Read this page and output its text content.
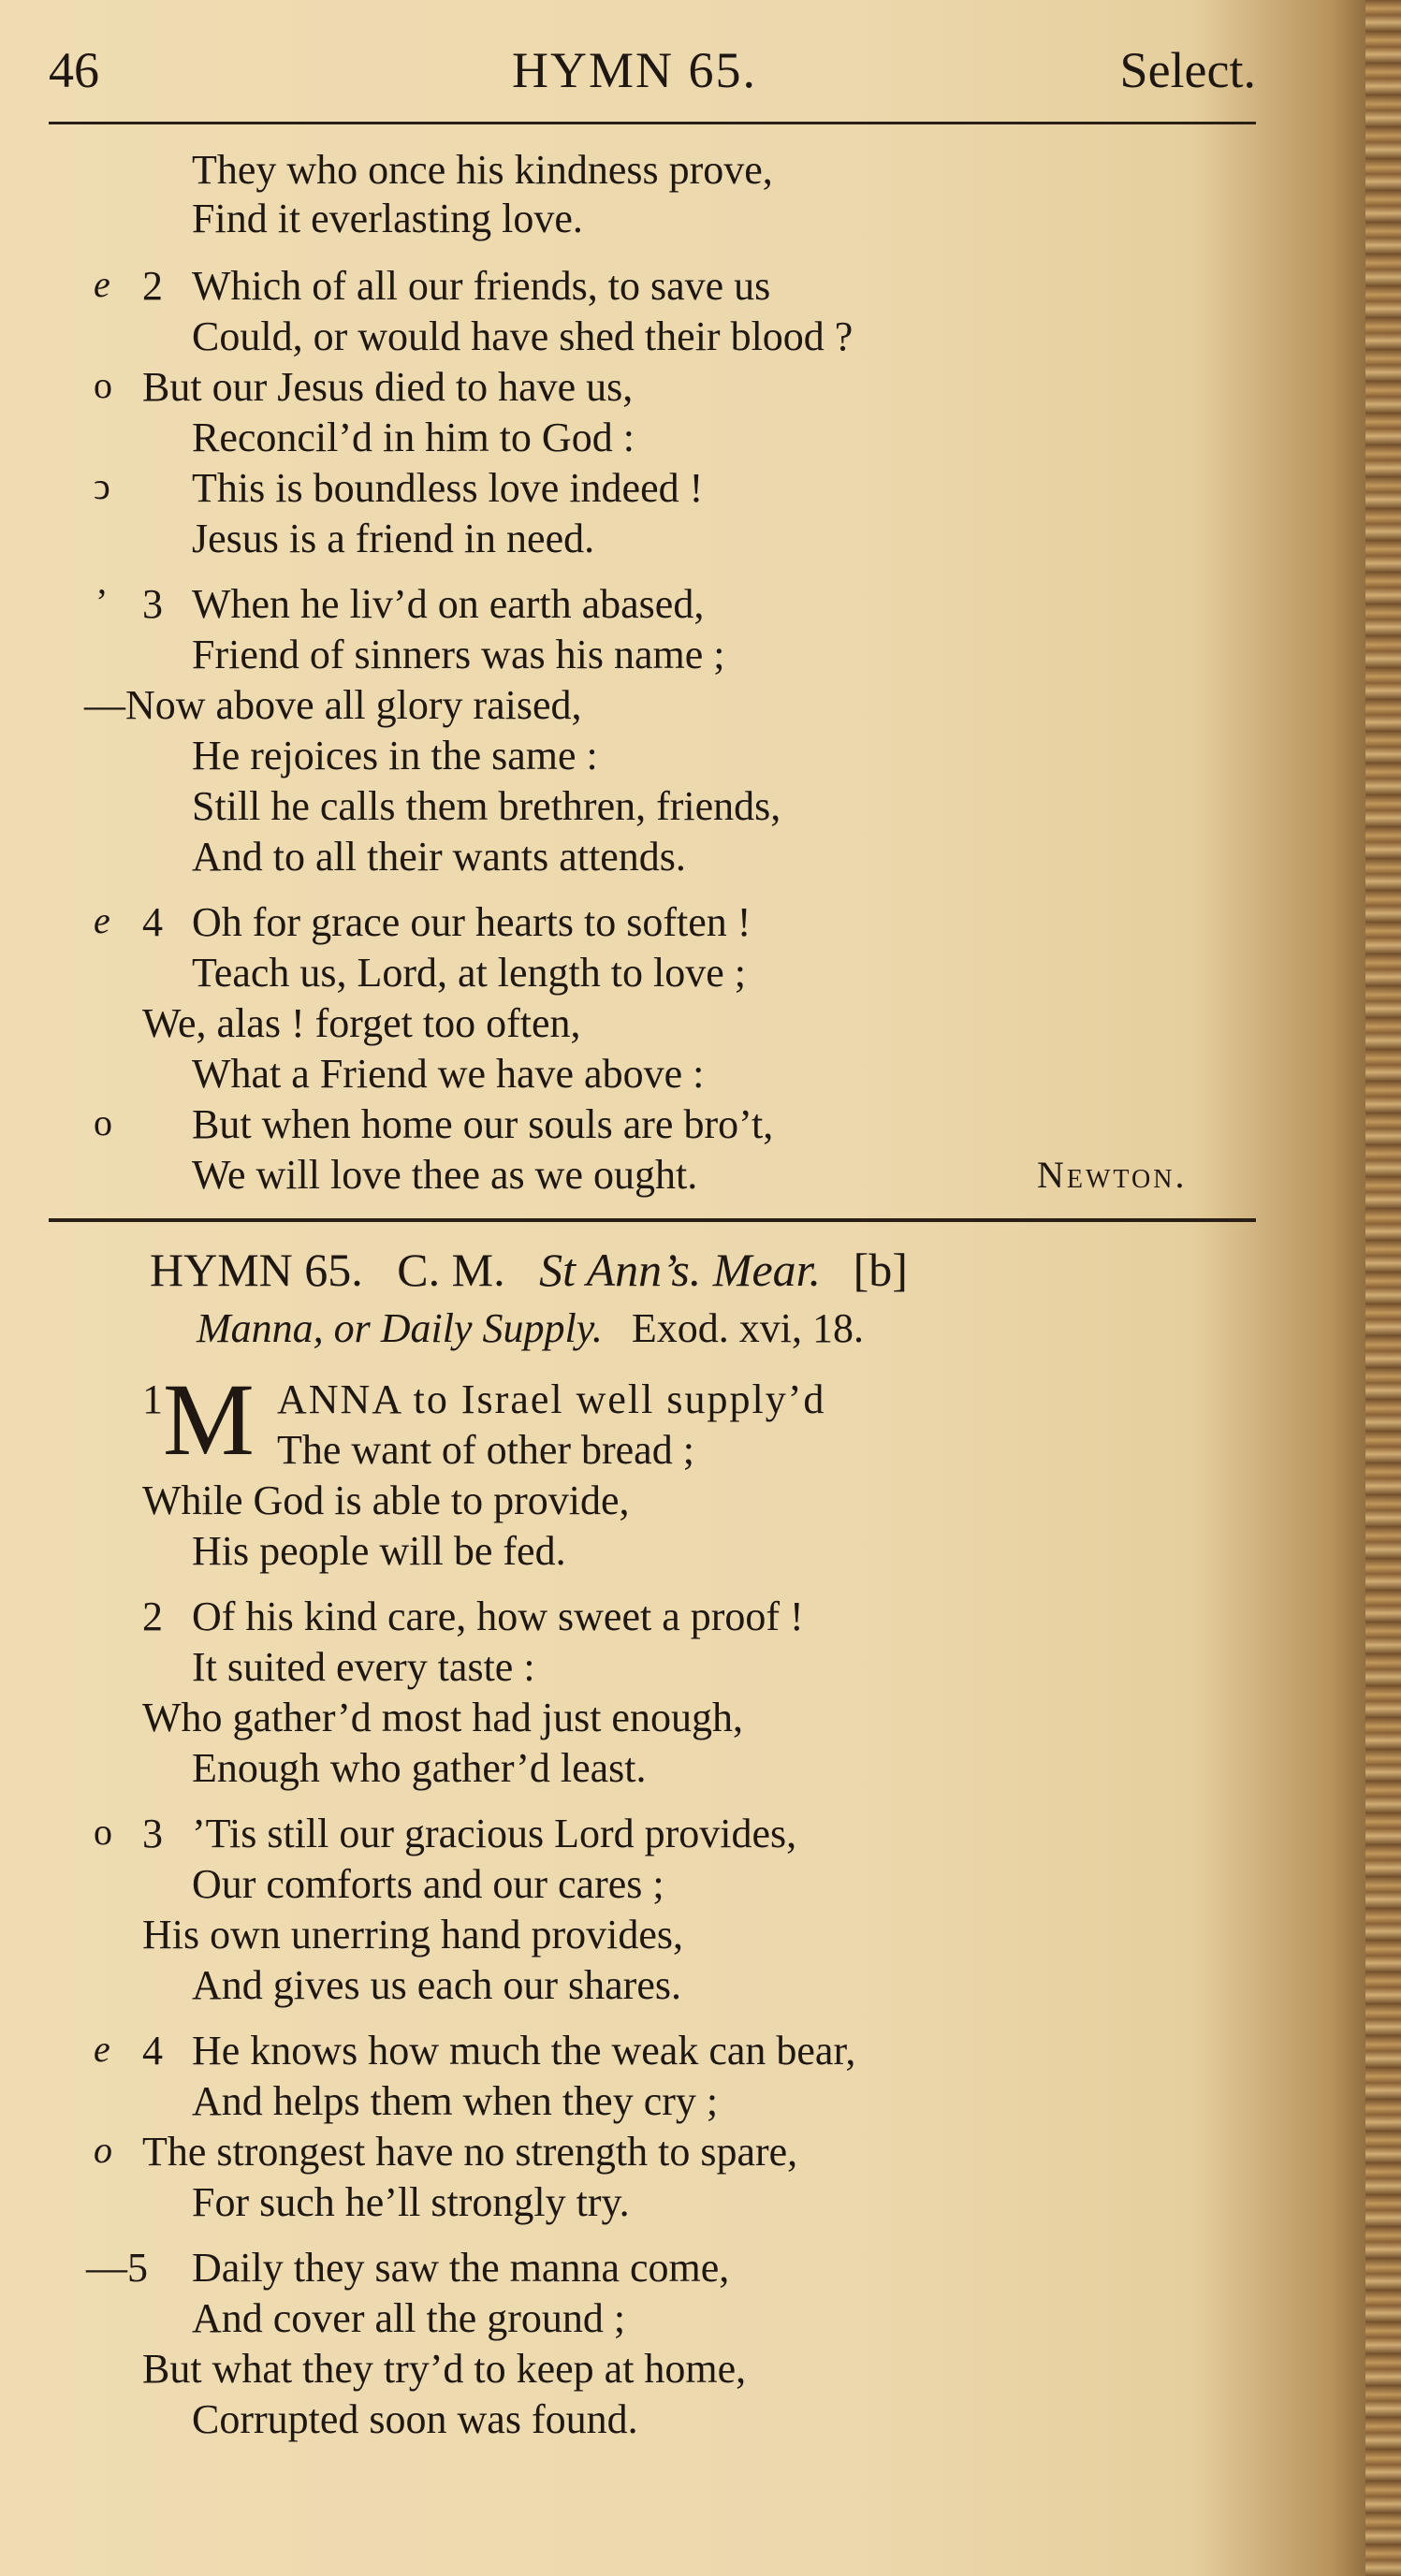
46	HYMN 65.	Select.
They who once his kindness prove,
Find it everlasting love.
e 2 Which of all our friends, to save us
Could, or would have shed their blood ?
o But our Jesus died to have us,
Reconcil’d in him to God :
ↄ This is boundless love indeed !
Jesus is a friend in need.
ʼ 3 When he liv’d on earth abased,
Friend of sinners was his name ;
—Now above all glory raised,
He rejoices in the same :
Still he calls them brethren, friends,
And to all their wants attends.
e 4 Oh for grace our hearts to soften !
Teach us, Lord, at length to love ;
We, alas ! forget too often,
What a Friend we have above :
o But when home our souls are bro’t,
We will love thee as we ought.	Newton.
HYMN 65. C. M. St Ann’s. Mear. [b]
Manna, or Daily Supply. Exod. xvi, 18.
1 M ANNA to Israel well supply’d
The want of other bread ;
While God is able to provide,
His people will be fed.
2 Of his kind care, how sweet a proof !
It suited every taste :
Who gather’d most had just enough,
Enough who gather’d least.
o 3 ’Tis still our gracious Lord provides,
Our comforts and our cares ;
His own unerring hand provides,
And gives us each our shares.
e 4 He knows how much the weak can bear,
And helps them when they cry ;
o The strongest have no strength to spare,
For such he’ll strongly try.
—5 Daily they saw the manna come,
And cover all the ground ;
But what they try’d to keep at home,
Corrupted soon was found.
